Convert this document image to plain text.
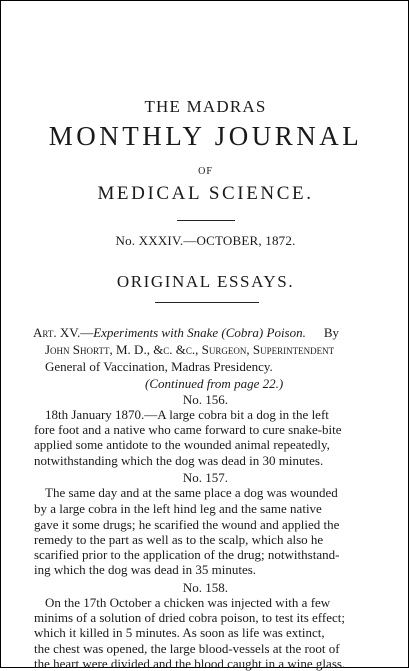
THE MADRAS
MONTHLY JOURNAL
OF
MEDICAL SCIENCE.
No. XXXIV.—OCTOBER, 1872.
ORIGINAL ESSAYS.
Art. XV.—Experiments with Snake (Cobra) Poison. By
John Shortt, M. D., &c. &c., Surgeon, Superintendent
General of Vaccination, Madras Presidency.
(Continued from page 22.)
No. 156.
18th January 1870.—A large cobra bit a dog in the left
fore foot and a native who came forward to cure snake-bite
applied some antidote to the wounded animal repeatedly,
notwithstanding which the dog was dead in 30 minutes.
No. 157.
The same day and at the same place a dog was wounded
by a large cobra in the left hind leg and the same native
gave it some drugs; he scarified the wound and applied the
remedy to the part as well as to the scalp, which also he
scarified prior to the application of the drug; notwithstand-
ing which the dog was dead in 35 minutes.
No. 158.
On the 17th October a chicken was injected with a few
minims of a solution of dried cobra poison, to test its effect;
which it killed in 5 minutes. As soon as life was extinct,
the chest was opened, the large blood-vessels at the root of
the heart were divided and the blood caught in a wine glass.
